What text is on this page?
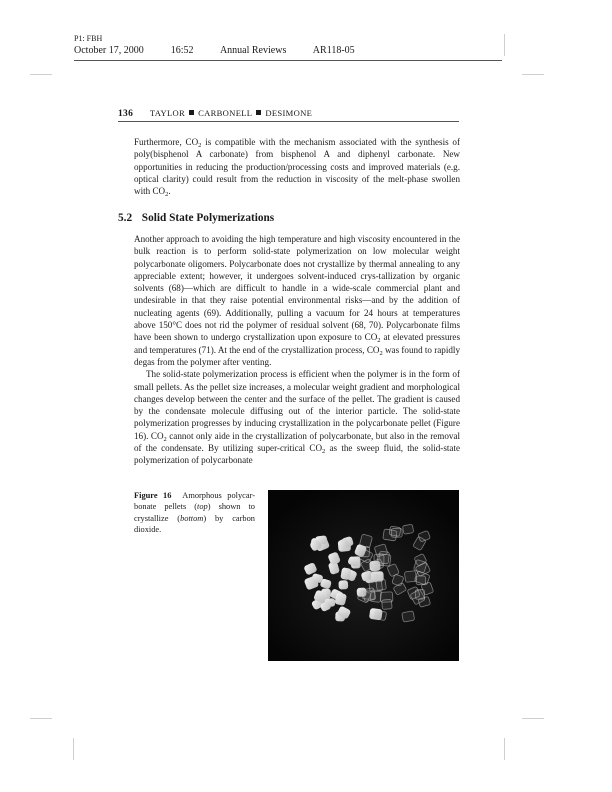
P1: FBH
October 17, 2000	16:52	Annual Reviews	AR118-05
136 TAYLOR CARBONELL DESIMONE

Furthermore, $CO_2$ is compatible with the mechanism associated with the synthesis of poly(bisphenol A carbonate) from bisphenol A and diphenyl carbonate. New opportunities in reducing the production/processing costs and improved materials (e.g. optical clarity) could result from the reduction in viscosity of the melt-phase swollen with $CO_2$.

5.2 Solid State Polymerizations

Another approach to avoiding the high temperature and high viscosity encountered in the bulk reaction is to perform solid-state polymerization on low molecular weight polycarbonate oligomers. Polycarbonate does not crystallize by thermal annealing to any appreciable extent; however, it undergoes solvent-induced crys-tallization by organic solvents (68)—which are difficult to handle in a wide-scale commercial plant and undesirable in that they raise potential environmental risks—and by the addition of nucleating agents (69). Additionally, pulling a vacuum for 24 hours at temperatures above 150°C does not rid the polymer of residual solvent (68, 70). Polycarbonate films have been shown to undergo crystallization upon exposure to $CO_2$ at elevated pressures and temperatures (71). At the end of the crystallization process, $CO_2$ was found to rapidly degas from the polymer after venting.

The solid-state polymerization process is efficient when the polymer is in the form of small pellets. As the pellet size increases, a molecular weight gradient and morphological changes develop between the center and the surface of the pellet. The gradient is caused by the condensate molecule diffusing out of the interior particle. The solid-state polymerization progresses by inducing crystallization in the polycarbonate pellet (Figure 16). $CO_2$ cannot only aide in the crystallization of polycarbonate, but also in the removal of the condensate. By utilizing super-critical $CO_2$ as the sweep fluid, the solid-state polymerization of polycarbonate

Figure 16 Amorphous polycar-bonate pellets (top) shown to crystallize (bottom) by carbon dioxide.
